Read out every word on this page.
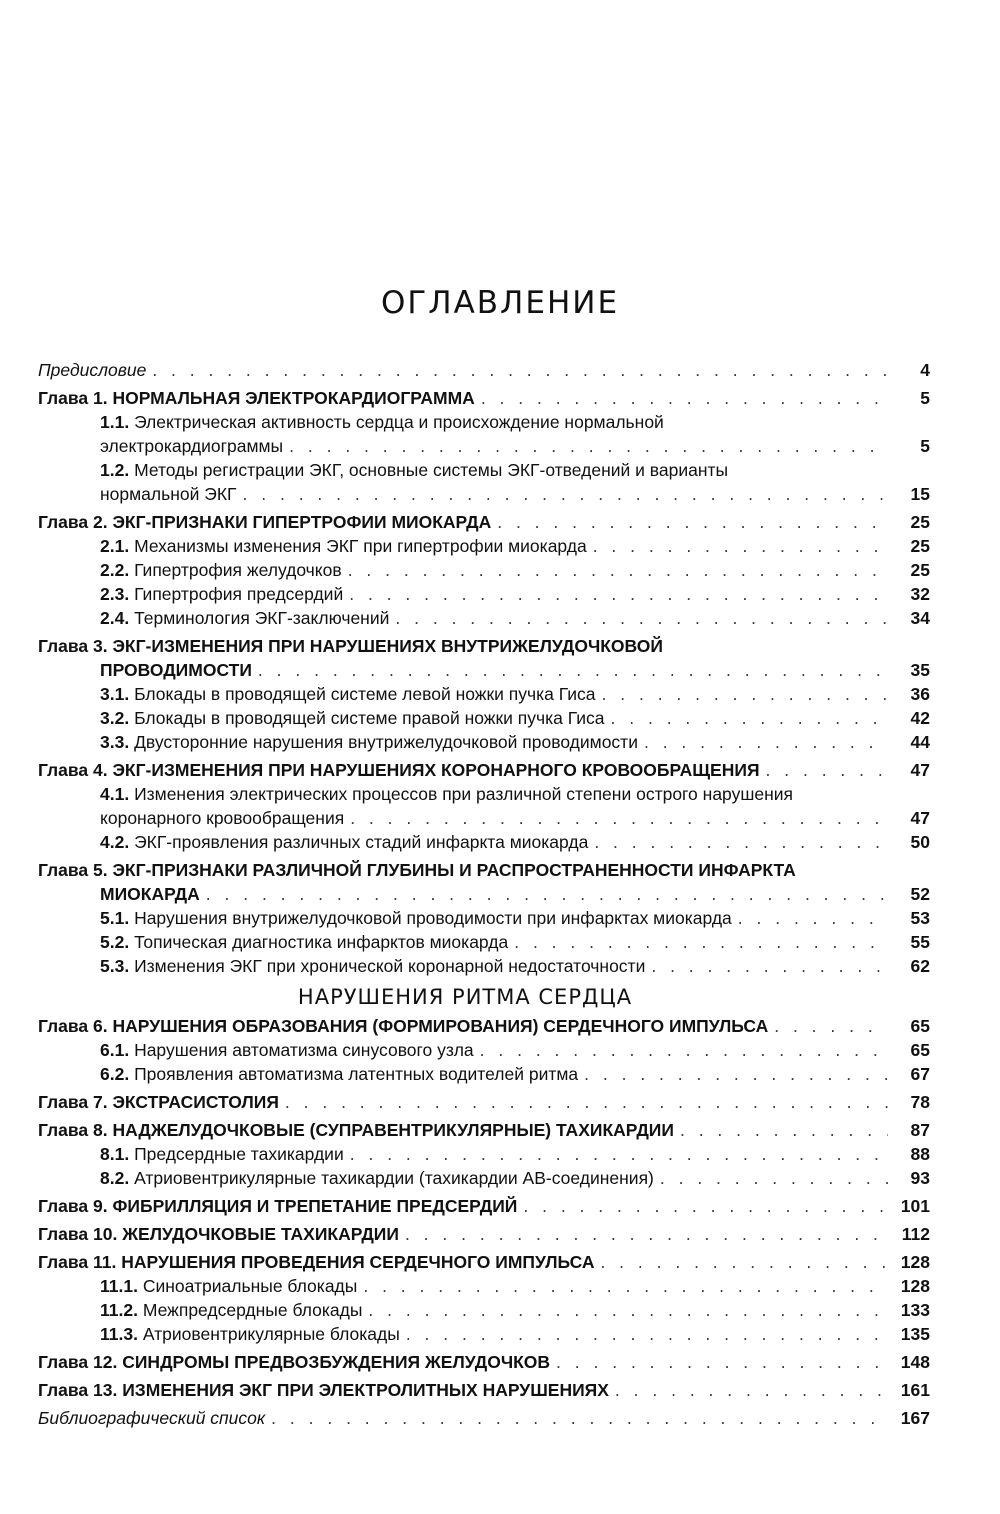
ОГЛАВЛЕНИЕ
Предисловие . . .	4
Глава 1. НОРМАЛЬНАЯ ЭЛЕКТРОКАРДИОГРАММА . . .	5
1.1. Электрическая активность сердца и происхождение нормальной
электрокардиограммы . . .	5
1.2. Методы регистрации ЭКГ, основные системы ЭКГ-отведений и варианты
нормальной ЭКГ . . .	15
Глава 2. ЭКГ-ПРИЗНАКИ ГИПЕРТРОФИИ МИОКАРДА . . .	25
2.1. Механизмы изменения ЭКГ при гипертрофии миокарда . . .	25
2.2. Гипертрофия желудочков . . .	25
2.3. Гипертрофия предсердий . . .	32
2.4. Терминология ЭКГ-заключений . . .	34
Глава 3. ЭКГ-ИЗМЕНЕНИЯ ПРИ НАРУШЕНИЯХ ВНУТРИЖЕЛУДОЧКОВОЙ
ПРОВОДИМОСТИ . . .	35
3.1. Блокады в проводящей системе левой ножки пучка Гиса . . .	36
3.2. Блокады в проводящей системе правой ножки пучка Гиса . . .	42
3.3. Двусторонние нарушения внутрижелудочковой проводимости . . .	44
Глава 4. ЭКГ-ИЗМЕНЕНИЯ ПРИ НАРУШЕНИЯХ КОРОНАРНОГО КРОВООБРАЩЕНИЯ . . .	47
4.1. Изменения электрических процессов при различной степени острого нарушения
коронарного кровообращения . . .	47
4.2. ЭКГ-проявления различных стадий инфаркта миокарда . . .	50
Глава 5. ЭКГ-ПРИЗНАКИ РАЗЛИЧНОЙ ГЛУБИНЫ И РАСПРОСТРАНЕННОСТИ ИНФАРКТА
МИОКАРДА . . .	52
5.1. Нарушения внутрижелудочковой проводимости при инфарктах миокарда . . .	53
5.2. Топическая диагностика инфарктов миокарда . . .	55
5.3. Изменения ЭКГ при хронической коронарной недостаточности . . .	62
НАРУШЕНИЯ РИТМА СЕРДЦА
Глава 6. НАРУШЕНИЯ ОБРАЗОВАНИЯ (ФОРМИРОВАНИЯ) СЕРДЕЧНОГО ИМПУЛЬСА . . .	65
6.1. Нарушения автоматизма синусового узла . . .	65
6.2. Проявления автоматизма латентных водителей ритма . . .	67
Глава 7. ЭКСТРАСИСТОЛИЯ . . .	78
Глава 8. НАДЖЕЛУДОЧКОВЫЕ (СУПРАВЕНТРИКУЛЯРНЫЕ) ТАХИКАРДИИ . . .	87
8.1. Предсердные тахикардии . . .	88
8.2. Атриовентрикулярные тахикардии (тахикардии АВ-соединения) . . .	93
Глава 9. ФИБРИЛЛЯЦИЯ И ТРЕПЕТАНИЕ ПРЕДСЕРДИЙ . . .	101
Глава 10. ЖЕЛУДОЧКОВЫЕ ТАХИКАРДИИ . . .	112
Глава 11. НАРУШЕНИЯ ПРОВЕДЕНИЯ СЕРДЕЧНОГО ИМПУЛЬСА . . .	128
11.1. Синоатриальные блокады . . .	128
11.2. Межпредсердные блокады . . .	133
11.3. Атриовентрикулярные блокады . . .	135
Глава 12. СИНДРОМЫ ПРЕДВОЗБУЖДЕНИЯ ЖЕЛУДОЧКОВ . . .	148
Глава 13. ИЗМЕНЕНИЯ ЭКГ ПРИ ЭЛЕКТРОЛИТНЫХ НАРУШЕНИЯХ . . .	161
Библиографический список . . .	167
